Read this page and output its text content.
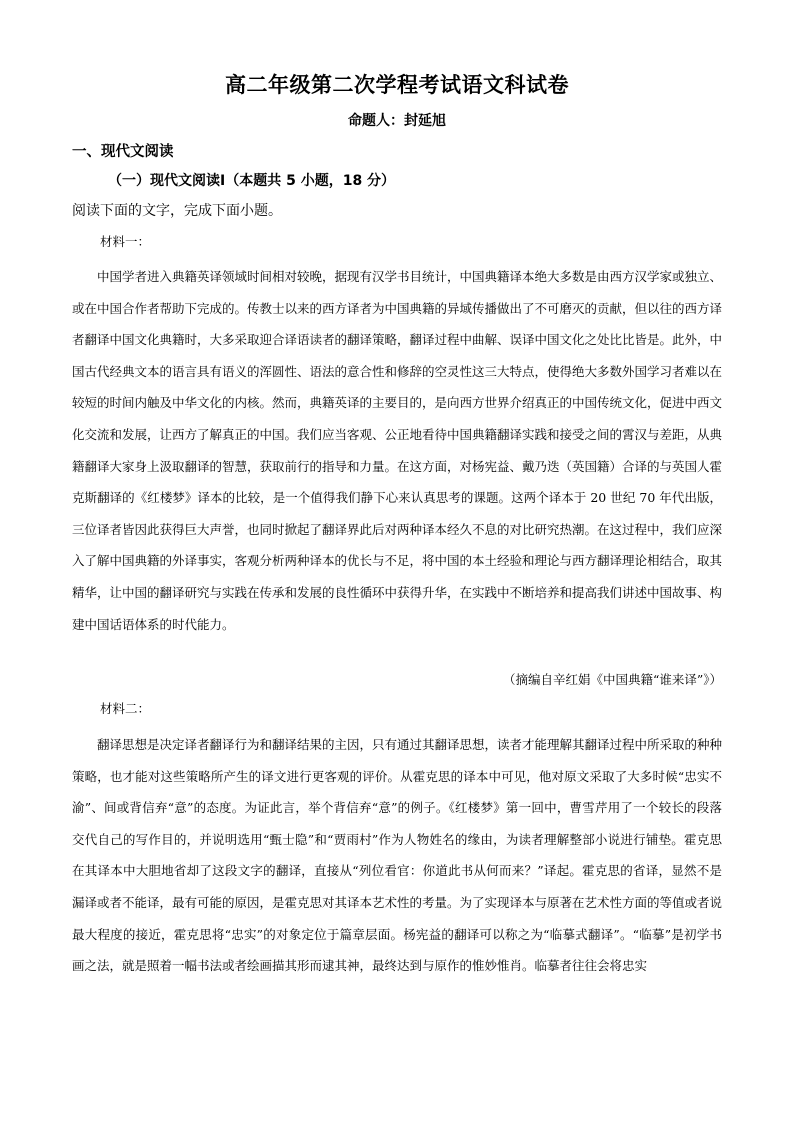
高二年级第二次学程考试语文科试卷
命题人：封延旭
一、现代文阅读
（一）现代文阅读Ⅰ（本题共 5 小题，18 分）
阅读下面的文字，完成下面小题。
材料一：

中国学者进入典籍英译领域时间相对较晚，据现有汉学书目统计，中国典籍译本绝大多数是由西方汉学家或独立、或在中国合作者帮助下完成的。传教士以来的西方译者为中国典籍的异域传播做出了不可磨灭的贡献，但以往的西方译者翻译中国文化典籍时，大多采取迎合译语读者的翻译策略，翻译过程中曲解、误译中国文化之处比比皆是。此外，中国古代经典文本的语言具有语义的浑圆性、语法的意合性和修辞的空灵性这三大特点，使得绝大多数外国学习者难以在较短的时间内触及中华文化的内核。然而，典籍英译的主要目的，是向西方世界介绍真正的中国传统文化，促进中西文化交流和发展，让西方了解真正的中国。我们应当客观、公正地看待中国典籍翻译实践和接受之间的霄汉与差距，从典籍翻译大家身上汲取翻译的智慧，获取前行的指导和力量。在这方面，对杨宪益、戴乃迭（英国籍）合译的与英国人霍克斯翻译的《红楼梦》译本的比较，是一个值得我们静下心来认真思考的课题。这两个译本于 20 世纪 70 年代出版，三位译者皆因此获得巨大声誉，也同时掀起了翻译界此后对两种译本经久不息的对比研究热潮。在这过程中，我们应深入了解中国典籍的外译事实，客观分析两种译本的优长与不足，将中国的本土经验和理论与西方翻译理论相结合，取其精华，让中国的翻译研究与实践在传承和发展的良性循环中获得升华，在实践中不断培养和提高我们讲述中国故事、构建中国话语体系的时代能力。

（摘编自辛红娟《中国典籍“谁来译”》）
材料二：

翻译思想是决定译者翻译行为和翻译结果的主因，只有通过其翻译思想，读者才能理解其翻译过程中所采取的种种策略，也才能对这些策略所产生的译文进行更客观的评价。从霍克思的译本中可见，他对原文采取了大多时候“忠实不渝”、间或背信弃“意”的态度。为证此言，举个背信弃“意”的例子。《红楼梦》第一回中，曹雪芹用了一个较长的段落交代自己的写作目的，并说明选用“甄士隐”和“贾雨村”作为人物姓名的缘由，为读者理解整部小说进行铺垫。霍克思在其译本中大胆地省却了这段文字的翻译，直接从“列位看官：你道此书从何而来？”译起。霍克思的省译，显然不是漏译或者不能译，最有可能的原因，是霍克思对其译本艺术性的考量。为了实现译本与原著在艺术性方面的等值或者说最大程度的接近，霍克思将“忠实”的对象定位于篇章层面。杨宪益的翻译可以称之为“临摹式翻译”。“临摹”是初学书画之法，就是照着一幅书法或者绘画描其形而逮其神，最终达到与原作的惟妙惟肖。临摹者往往会将忠实
